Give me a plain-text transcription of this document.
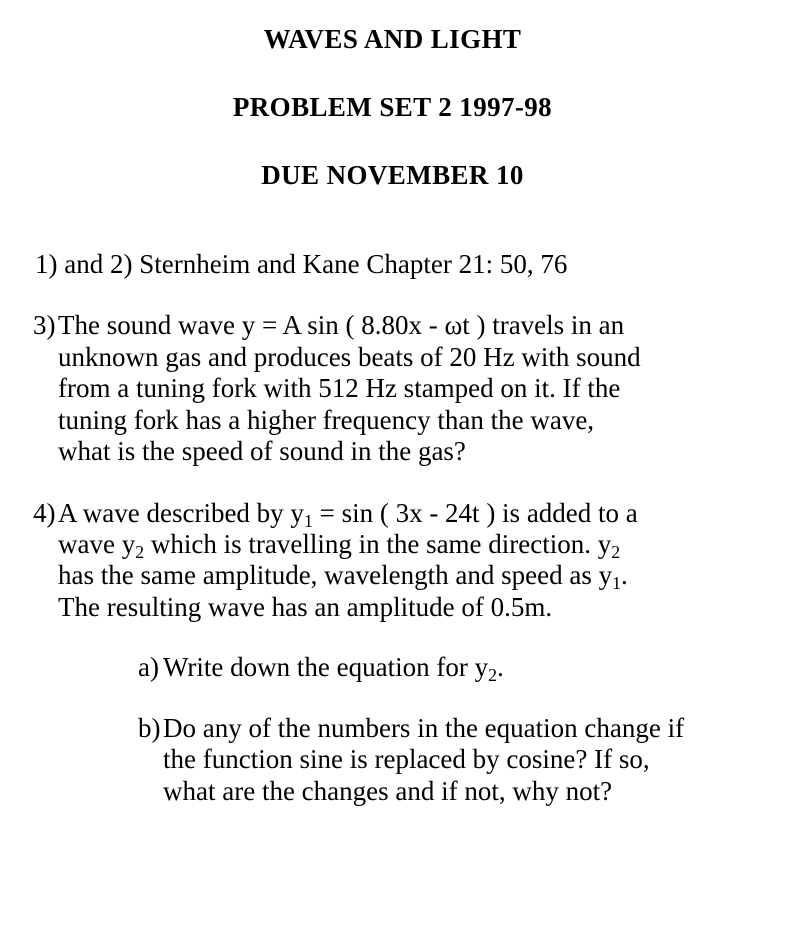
WAVES AND LIGHT
PROBLEM SET 2 1997-98
DUE NOVEMBER 10
1) and 2) Sternheim and Kane Chapter 21: 50, 76
3) The sound wave y = A sin ( 8.80x - ωt ) travels in an
unknown gas and produces beats of 20 Hz with sound
from a tuning fork with 512 Hz stamped on it. If the
tuning fork has a higher frequency than the wave,
what is the speed of sound in the gas?
4) A wave described by $y_1 = \sin$ ( 3x - 24t ) is added to a
wave $y_2$ which is travelling in the same direction. $y_2$
has the same amplitude, wavelength and speed as $y_1$.
The resulting wave has an amplitude of 0.5m.
a) Write down the equation for $y_2$.
b) Do any of the numbers in the equation change if
the function sine is replaced by cosine? If so,
what are the changes and if not, why not?
